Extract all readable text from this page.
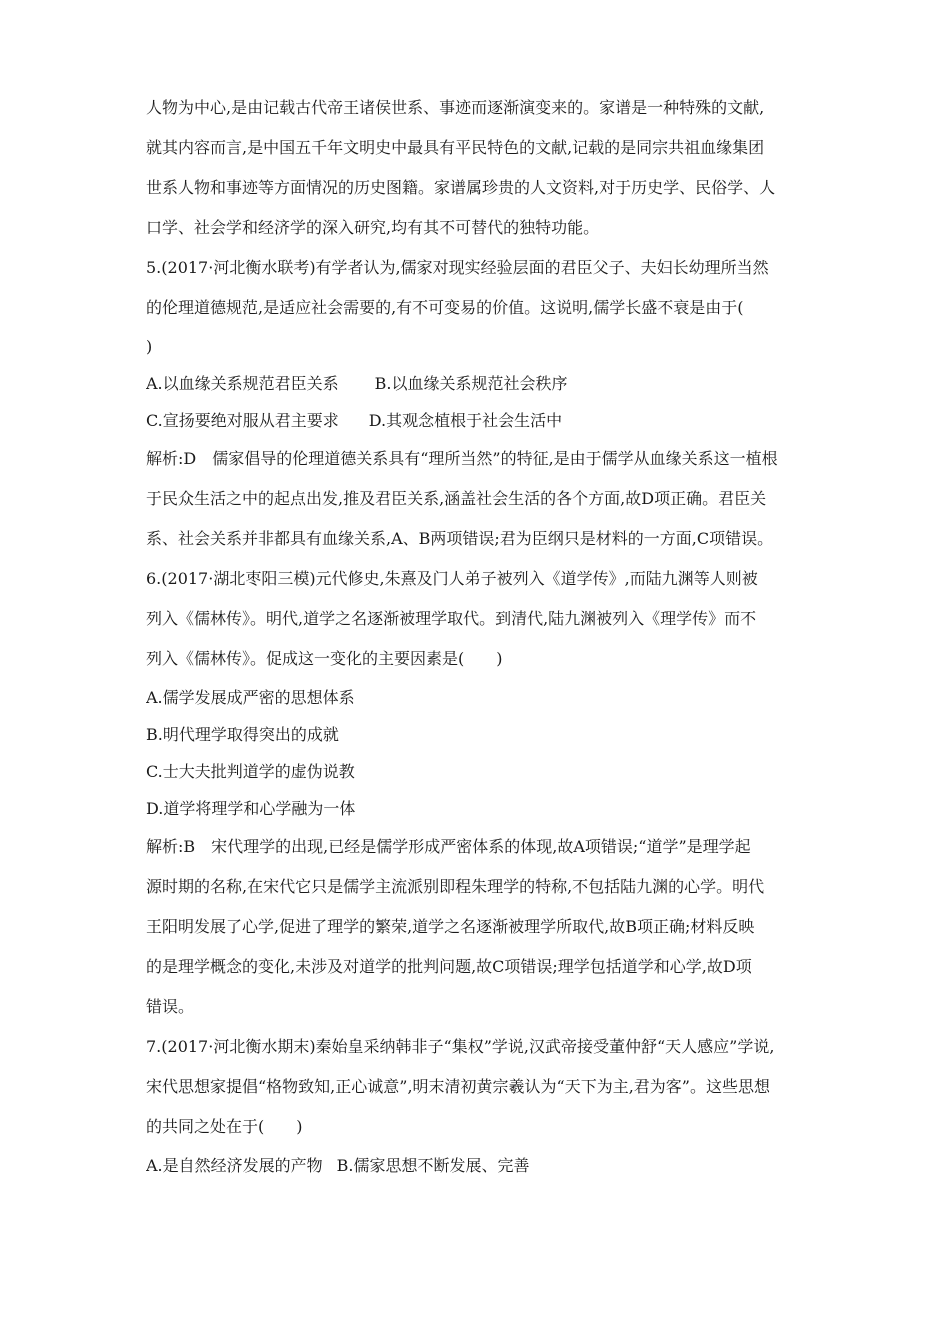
人物为中心,是由记载古代帝王诸侯世系、事迹而逐渐演变来的。家谱是一种特殊的文献,
就其内容而言,是中国五千年文明史中最具有平民特色的文献,记载的是同宗共祖血缘集团
世系人物和事迹等方面情况的历史图籍。家谱属珍贵的人文资料,对于历史学、民俗学、人
口学、社会学和经济学的深入研究,均有其不可替代的独特功能。
5.(2017·河北衡水联考)有学者认为,儒家对现实经验层面的君臣父子、夫妇长幼理所当然
的伦理道德规范,是适应社会需要的,有不可变易的价值。这说明,儒学长盛不衰是由于(
)
A.以血缘关系规范君臣关系 B.以血缘关系规范社会秩序
C.宣扬要绝对服从君主要求 D.其观念植根于社会生活中
解析:D　儒家倡导的伦理道德关系具有“理所当然”的特征,是由于儒学从血缘关系这一植根
于民众生活之中的起点出发,推及君臣关系,涵盖社会生活的各个方面,故D项正确。君臣关
系、社会关系并非都具有血缘关系,A、B两项错误;君为臣纲只是材料的一方面,C项错误。
6.(2017·湖北枣阳三模)元代修史,朱熹及门人弟子被列入《道学传》,而陆九渊等人则被
列入《儒林传》。明代,道学之名逐渐被理学取代。到清代,陆九渊被列入《理学传》而不
列入《儒林传》。促成这一变化的主要因素是(　　)
A.儒学发展成严密的思想体系
B.明代理学取得突出的成就
C.士大夫批判道学的虚伪说教
D.道学将理学和心学融为一体
解析:B　宋代理学的出现,已经是儒学形成严密体系的体现,故A项错误;“道学”是理学起
源时期的名称,在宋代它只是儒学主流派别即程朱理学的特称,不包括陆九渊的心学。明代
王阳明发展了心学,促进了理学的繁荣,道学之名逐渐被理学所取代,故B项正确;材料反映
的是理学概念的变化,未涉及对道学的批判问题,故C项错误;理学包括道学和心学,故D项
错误。
7.(2017·河北衡水期末)秦始皇采纳韩非子“集权”学说,汉武帝接受董仲舒“天人感应”学说,
宋代思想家提倡“格物致知,正心诚意”,明末清初黄宗羲认为“天下为主,君为客”。这些思想
的共同之处在于(　　)
A.是自然经济发展的产物 B.儒家思想不断发展、完善
